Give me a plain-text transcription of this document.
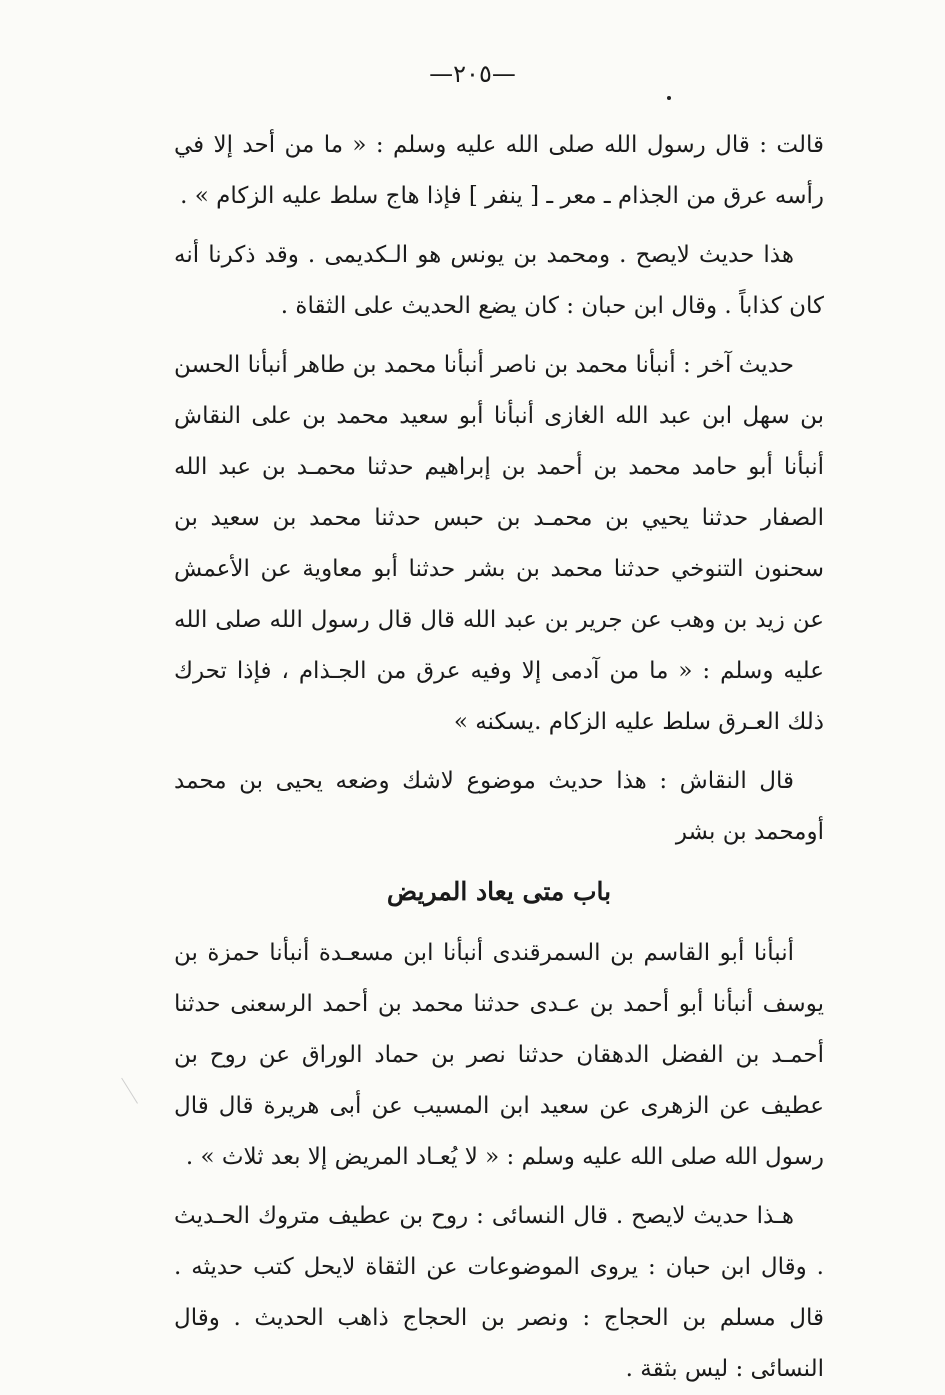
—٢٠٥—

قالت : قال رسول الله صلى الله عليه وسلم : « ما من أحد إلا في رأسه عرق من الجذام ـ معر ـ [ ينفر ] فإذا هاج سلط عليه الزكام » .

هذا حديث لايصح . ومحمد بن يونس هو الـكديمى . وقد ذكرنا أنه كان كذاباً . وقال ابن حبان : كان يضع الحديث على الثقاة .

حديث آخر : أنبأنا محمد بن ناصر أنبأنا محمد بن طاهر أنبأنا الحسن بن سهل ابن عبد الله الغازى أنبأنا أبو سعيد محمد بن على النقاش أنبأنا أبو حامد محمد بن أحمد بن إبراهيم حدثنا محمـد بن عبد الله الصفار حدثنا يحيي بن محمـد بن حبس حدثنا محمد بن سعيد بن سحنون التنوخي حدثنا محمد بن بشر حدثنا أبو معاوية عن الأعمش عن زيد بن وهب عن جرير بن عبد الله قال قال رسول الله صلى الله عليه وسلم : « ما من آدمى إلا وفيه عرق من الجـذام ، فإذا تحرك ذلك العـرق سلط عليه الزكام .يسكنه »

قال النقاش : هذا حديث موضوع لاشك وضعه يحيى بن محمد أومحمد بن بشر

باب متى يعاد المريض

أنبأنا أبو القاسم بن السمرقندى أنبأنا ابن مسعـدة أنبأنا حمزة بن يوسف أنبأنا أبو أحمد بن عـدى حدثنا محمد بن أحمد الرسعنى حدثنا أحمـد بن الفضل الدهقان حدثنا نصر بن حماد الوراق عن روح بن عطيف عن الزهرى عن سعيد ابن المسيب عن أبى هريرة قال قال رسول الله صلى الله عليه وسلم : « لا يُعـاد المريض إلا بعد ثلاث » .

هـذا حديث لايصح . قال النسائى : روح بن عطيف متروك الحـديث . وقال ابن حبان : يروى الموضوعات عن الثقاة لايحل كتب حديثه . قال مسلم بن الحجاج : ونصر بن الحجاج ذاهب الحديث . وقال النسائى : ليس بثقة .
